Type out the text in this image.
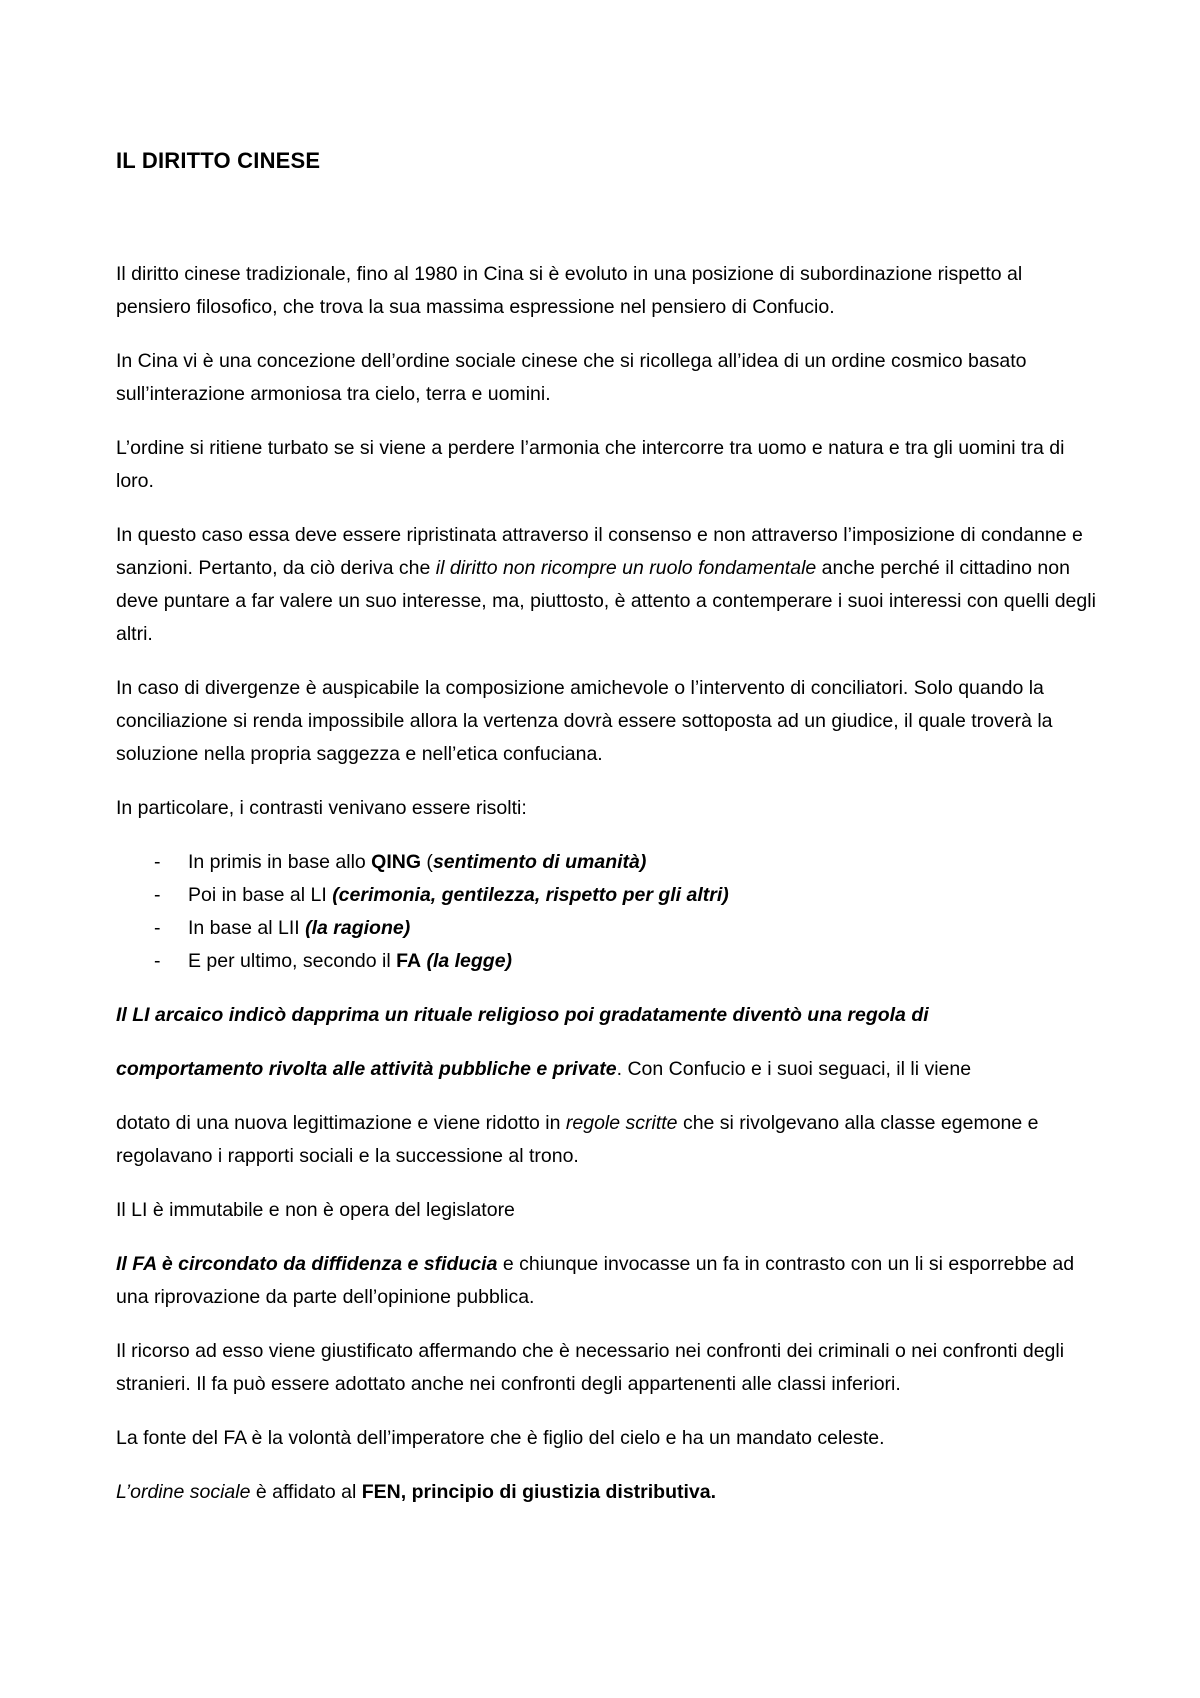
IL DIRITTO CINESE

Il diritto cinese tradizionale, fino al 1980 in Cina si è evoluto in una posizione di subordinazione rispetto al pensiero filosofico, che trova la sua massima espressione nel pensiero di Confucio.

In Cina vi è una concezione dell’ordine sociale cinese che si ricollega all’idea di un ordine cosmico basato sull’interazione armoniosa tra cielo, terra e uomini.

L’ordine si ritiene turbato se si viene a perdere l’armonia che intercorre tra uomo e natura e tra gli uomini tra di loro.

In questo caso essa deve essere ripristinata attraverso il consenso e non attraverso l’imposizione di condanne e sanzioni. Pertanto, da ciò deriva che il diritto non ricompre un ruolo fondamentale anche perché il cittadino non deve puntare a far valere un suo interesse, ma, piuttosto, è attento a contemperare i suoi interessi con quelli degli altri.

In caso di divergenze è auspicabile la composizione amichevole o l’intervento di conciliatori. Solo quando la conciliazione si renda impossibile allora la vertenza dovrà essere sottoposta ad un giudice, il quale troverà la soluzione nella propria saggezza e nell’etica confuciana.

In particolare, i contrasti venivano essere risolti:

- In primis in base allo QING (sentimento di umanità)
- Poi in base al LI (cerimonia, gentilezza, rispetto per gli altri)
- In base al LII (la ragione)
- E per ultimo, secondo il FA (la legge)

Il LI arcaico indicò dapprima un rituale religioso poi gradatamente diventò una regola di

comportamento rivolta alle attività pubbliche e private. Con Confucio e i suoi seguaci, il li viene

dotato di una nuova legittimazione e viene ridotto in regole scritte che si rivolgevano alla classe egemone e regolavano i rapporti sociali e la successione al trono.

Il LI è immutabile e non è opera del legislatore

Il FA è circondato da diffidenza e sfiducia e chiunque invocasse un fa in contrasto con un li si esporrebbe ad una riprovazione da parte dell’opinione pubblica.

Il ricorso ad esso viene giustificato affermando che è necessario nei confronti dei criminali o nei confronti degli stranieri. Il fa può essere adottato anche nei confronti degli appartenenti alle classi inferiori.

La fonte del FA è la volontà dell’imperatore che è figlio del cielo e ha un mandato celeste.

L’ordine sociale è affidato al FEN, principio di giustizia distributiva.
